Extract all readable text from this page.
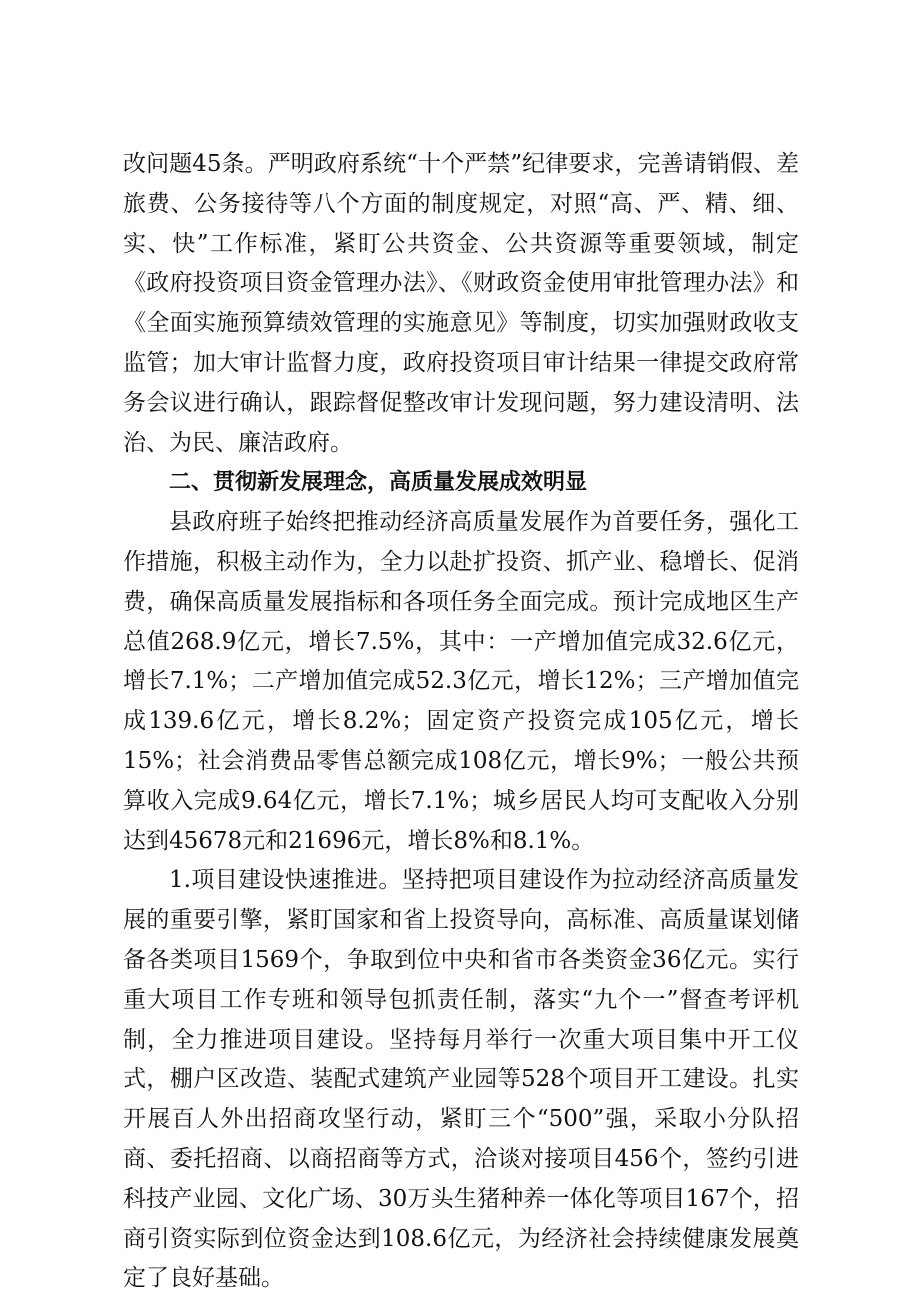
改问题45条。严明政府系统“十个严禁”纪律要求，完善请销假、差旅费、公务接待等八个方面的制度规定，对照“高、严、精、细、实、快”工作标准，紧盯公共资金、公共资源等重要领域，制定《政府投资项目资金管理办法》、《财政资金使用审批管理办法》和《全面实施预算绩效管理的实施意见》等制度，切实加强财政收支监管；加大审计监督力度，政府投资项目审计结果一律提交政府常务会议进行确认，跟踪督促整改审计发现问题，努力建设清明、法治、为民、廉洁政府。

二、贯彻新发展理念，高质量发展成效明显

县政府班子始终把推动经济高质量发展作为首要任务，强化工作措施，积极主动作为，全力以赴扩投资、抓产业、稳增长、促消费，确保高质量发展指标和各项任务全面完成。预计完成地区生产总值268.9亿元，增长7.5%，其中：一产增加值完成32.6亿元，增长7.1%；二产增加值完成52.3亿元，增长12%；三产增加值完成139.6亿元，增长8.2%；固定资产投资完成105亿元，增长15%；社会消费品零售总额完成108亿元，增长9%；一般公共预算收入完成9.64亿元，增长7.1%；城乡居民人均可支配收入分别达到45678元和21696元，增长8%和8.1%。

1.项目建设快速推进。坚持把项目建设作为拉动经济高质量发展的重要引擎，紧盯国家和省上投资导向，高标准、高质量谋划储备各类项目1569个，争取到位中央和省市各类资金36亿元。实行重大项目工作专班和领导包抓责任制，落实“九个一”督查考评机制，全力推进项目建设。坚持每月举行一次重大项目集中开工仪式，棚户区改造、装配式建筑产业园等528个项目开工建设。扎实开展百人外出招商攻坚行动，紧盯三个“500”强，采取小分队招商、委托招商、以商招商等方式，洽谈对接项目456个，签约引进科技产业园、文化广场、30万头生猪种养一体化等项目167个，招商引资实际到位资金达到108.6亿元，为经济社会持续健康发展奠定了良好基础。
